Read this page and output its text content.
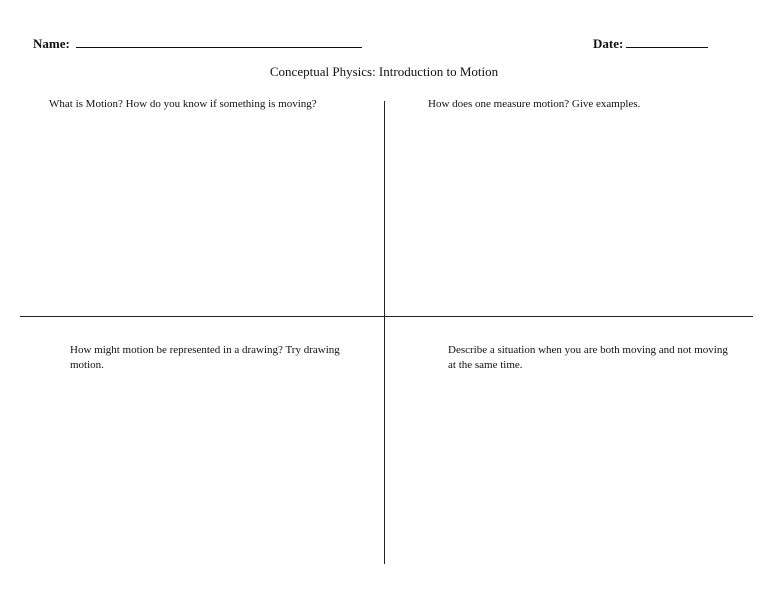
Name:	Date:
Conceptual Physics: Introduction to Motion
What is Motion? How do you know if something is moving?	How does one measure motion? Give examples.
How might motion be represented in a drawing? Try drawing motion.
Describe a situation when you are both moving and not moving at the same time.
